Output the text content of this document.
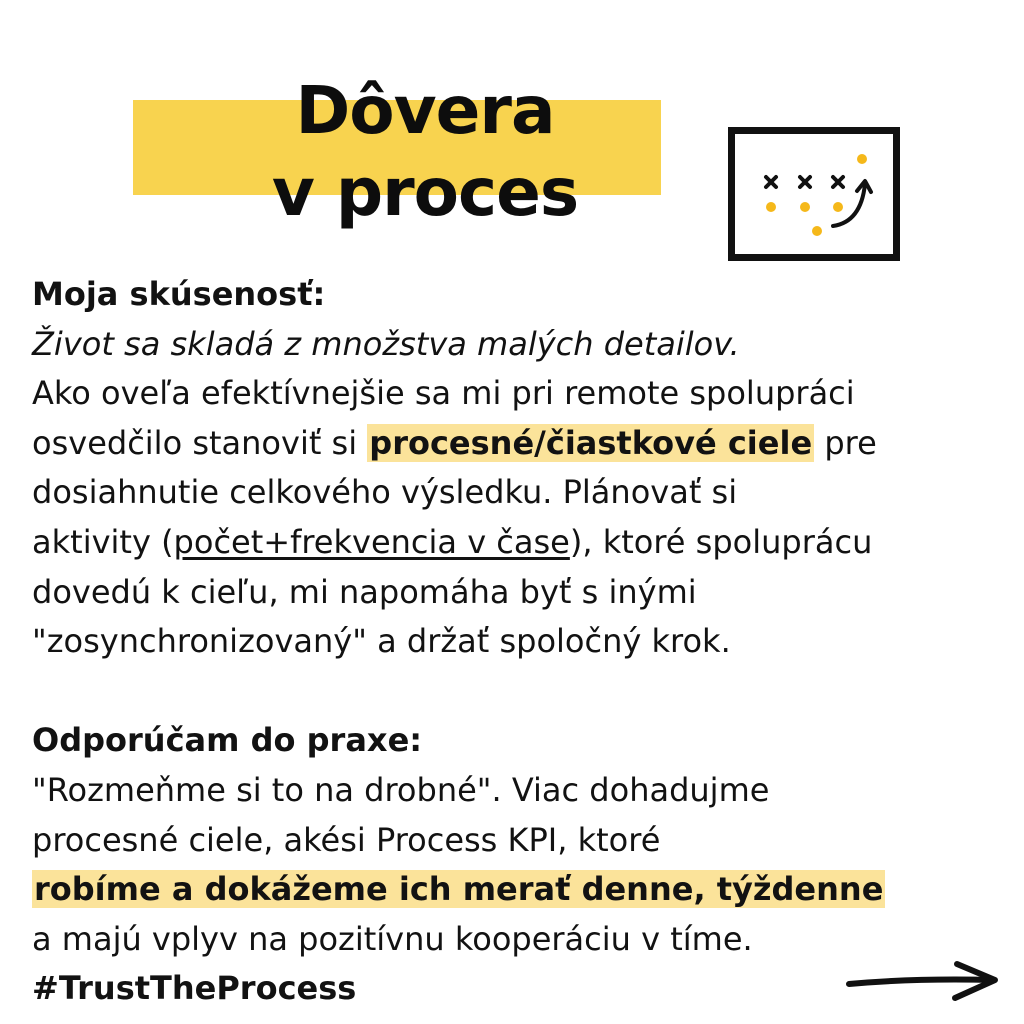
Dôvera
v proces

Moja skúsenosť:

Život sa skladá z množstva malých detailov.

Ako oveľa efektívnejšie sa mi pri remote spolupráci

osvedčilo stanoviť si procesné/čiastkové ciele pre

dosiahnutie celkového výsledku. Plánovať si

aktivity (počet+frekvencia v čase), ktoré spoluprácu

dovedú k cieľu, mi napomáha byť s inými

"zosynchronizovaný" a držať spoločný krok.

Odporúčam do praxe:

"Rozmeňme si to na drobné". Viac dohadujme

procesné ciele, akési Process KPI, ktoré

robíme a dokážeme ich merať denne, týždenne

a majú vplyv na pozitívnu kooperáciu v tíme.

#TrustTheProcess
